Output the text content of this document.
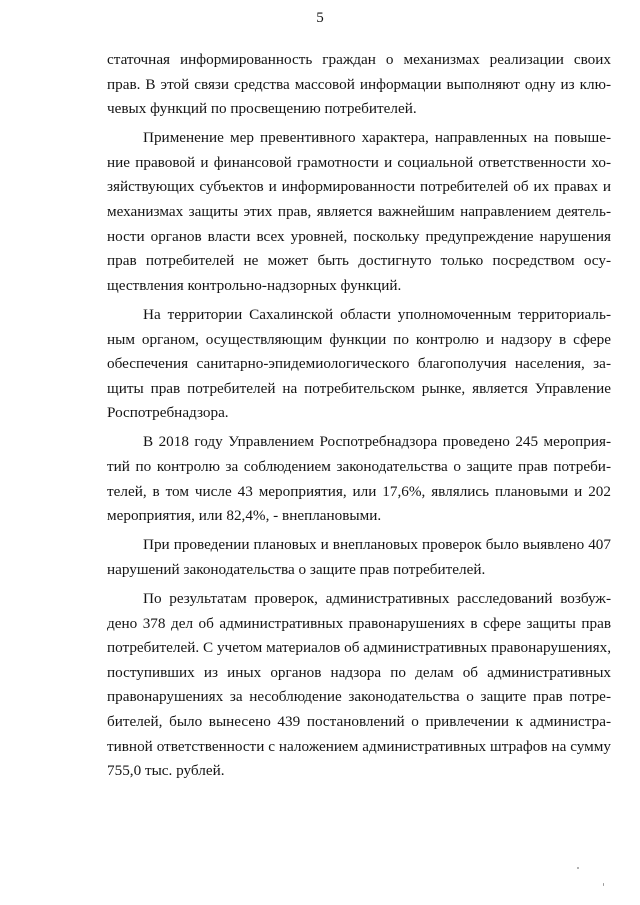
5

статочная информированность граждан о механизмах реализации своих прав. В этой связи средства массовой информации выполняют одну из ключевых функций по просвещению потребителей.

Применение мер превентивного характера, направленных на повышение правовой и финансовой грамотности и социальной ответственности хозяйствующих субъектов и информированности потребителей об их правах и механизмах защиты этих прав, является важнейшим направлением деятельности органов власти всех уровней, поскольку предупреждение нарушения прав потребителей не может быть достигнуто только посредством осуществления контрольно-надзорных функций.

На территории Сахалинской области уполномоченным территориальным органом, осуществляющим функции по контролю и надзору в сфере обеспечения санитарно-эпидемиологического благополучия населения, защиты прав потребителей на потребительском рынке, является Управление Роспотребнадзора.

В 2018 году Управлением Роспотребнадзора проведено 245 мероприятий по контролю за соблюдением законодательства о защите прав потребителей, в том числе 43 мероприятия, или 17,6%, являлись плановыми и 202 мероприятия, или 82,4%, - внеплановыми.

При проведении плановых и внеплановых проверок было выявлено 407 нарушений законодательства о защите прав потребителей.

По результатам проверок, административных расследований возбуждено 378 дел об административных правонарушениях в сфере защиты прав потребителей. С учетом материалов об административных правонарушениях, поступивших из иных органов надзора по делам об административных правонарушениях за несоблюдение законодательства о защите прав потребителей, было вынесено 439 постановлений о привлечении к административной ответственности с наложением административных штрафов на сумму 755,0 тыс. рублей.
